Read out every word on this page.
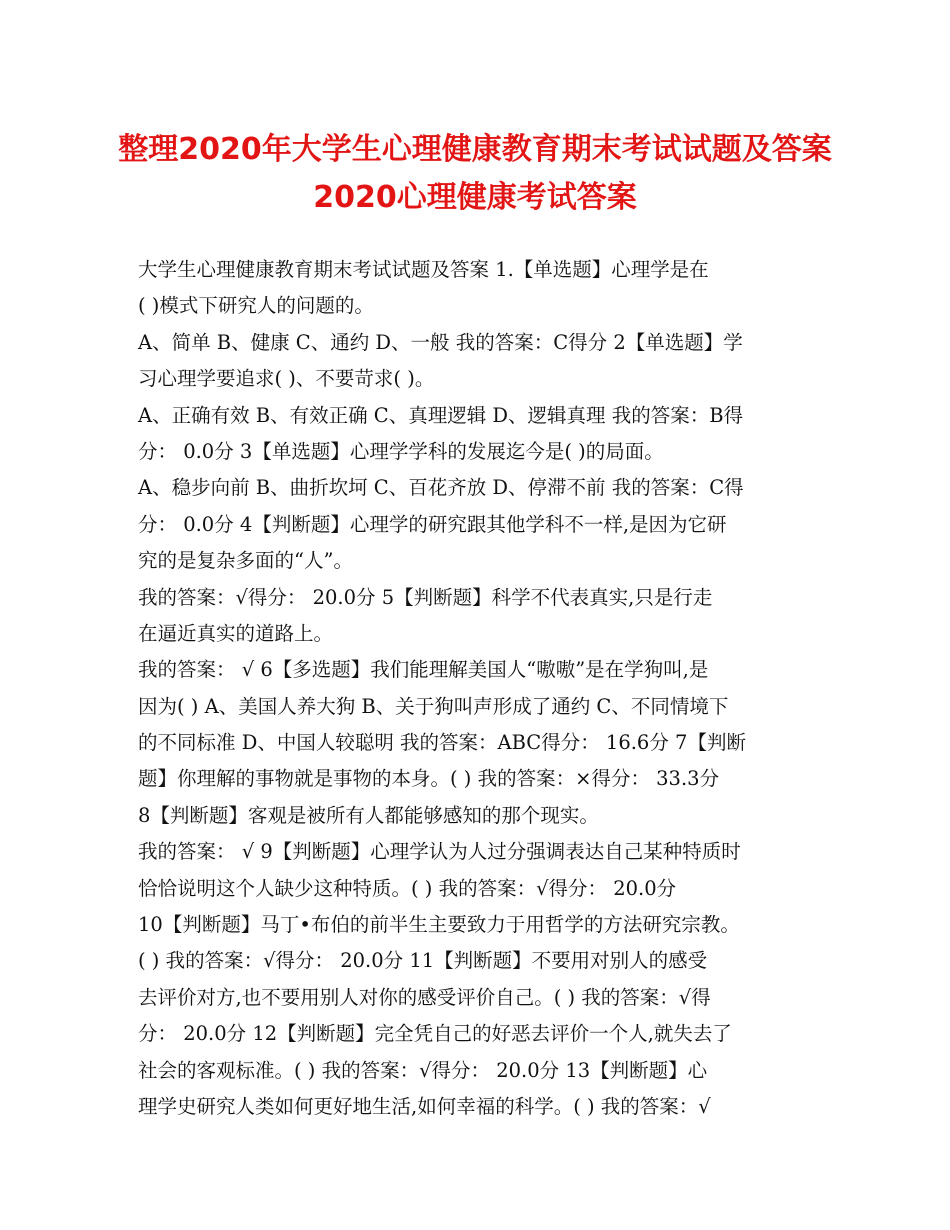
整理2020年大学生心理健康教育期末考试试题及答案
2020心理健康考试答案
大学生心理健康教育期末考试试题及答案 1.【单选题】心理学是在
( )模式下研究人的问题的。
A、简单 B、健康 C、通约 D、一般 我的答案：C得分 2【单选题】学
习心理学要追求( )、不要苛求( )。
A、正确有效 B、有效正确 C、真理逻辑 D、逻辑真理 我的答案：B得
分： 0.0分 3【单选题】心理学学科的发展迄今是( )的局面。
A、稳步向前 B、曲折坎坷 C、百花齐放 D、停滞不前 我的答案：C得
分： 0.0分 4【判断题】心理学的研究跟其他学科不一样,是因为它研
究的是复杂多面的“人”。
我的答案：√得分： 20.0分 5【判断题】科学不代表真实,只是行走
在逼近真实的道路上。
我的答案： √ 6【多选题】我们能理解美国人“嗷嗷”是在学狗叫,是
因为( ) A、美国人养大狗 B、关于狗叫声形成了通约 C、不同情境下
的不同标准 D、中国人较聪明 我的答案：ABC得分： 16.6分 7【判断
题】你理解的事物就是事物的本身。( ) 我的答案：×得分： 33.3分
8【判断题】客观是被所有人都能够感知的那个现实。
我的答案： √ 9【判断题】心理学认为人过分强调表达自己某种特质时
恰恰说明这个人缺少这种特质。( ) 我的答案：√得分： 20.0分
10【判断题】马丁•布伯的前半生主要致力于用哲学的方法研究宗教。
( ) 我的答案：√得分： 20.0分 11【判断题】不要用对别人的感受
去评价对方,也不要用别人对你的感受评价自己。( ) 我的答案：√得
分： 20.0分 12【判断题】完全凭自己的好恶去评价一个人,就失去了
社会的客观标准。( ) 我的答案：√得分： 20.0分 13【判断题】心
理学史研究人类如何更好地生活,如何幸福的科学。( ) 我的答案：√
